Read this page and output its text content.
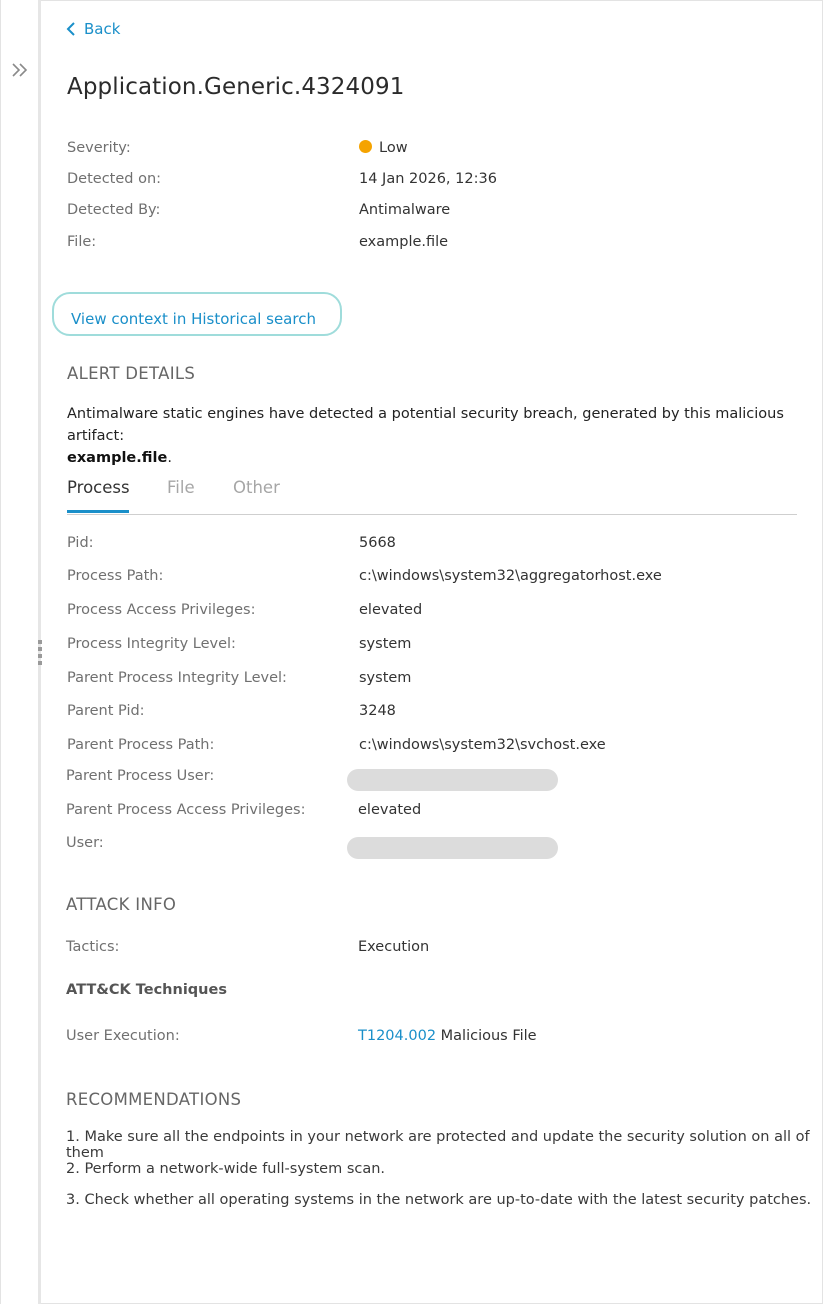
Back
Application.Generic.4324091
Severity:	Low
Detected on:	14 Jan 2026, 12:36
Detected By:	Antimalware
File:	example.file
View context in Historical search
ALERT DETAILS
Antimalware static engines have detected a potential security breach, generated by this malicious artifact:
example.file.
Process File Other
Pid:	5668
Process Path:	c:\windows\system32\aggregatorhost.exe
Process Access Privileges:	elevated
Process Integrity Level:	system
Parent Process Integrity Level:	system
Parent Pid:	3248
Parent Process Path:	c:\windows\system32\svchost.exe
Parent Process User:
Parent Process Access Privileges:	elevated
User:
ATTACK INFO
Tactics:	Execution
ATT&CK Techniques
User Execution:	T1204.002 Malicious File
RECOMMENDATIONS
1. Make sure all the endpoints in your network are protected and update the security solution on all of them
2. Perform a network-wide full-system scan.
3. Check whether all operating systems in the network are up-to-date with the latest security patches.
